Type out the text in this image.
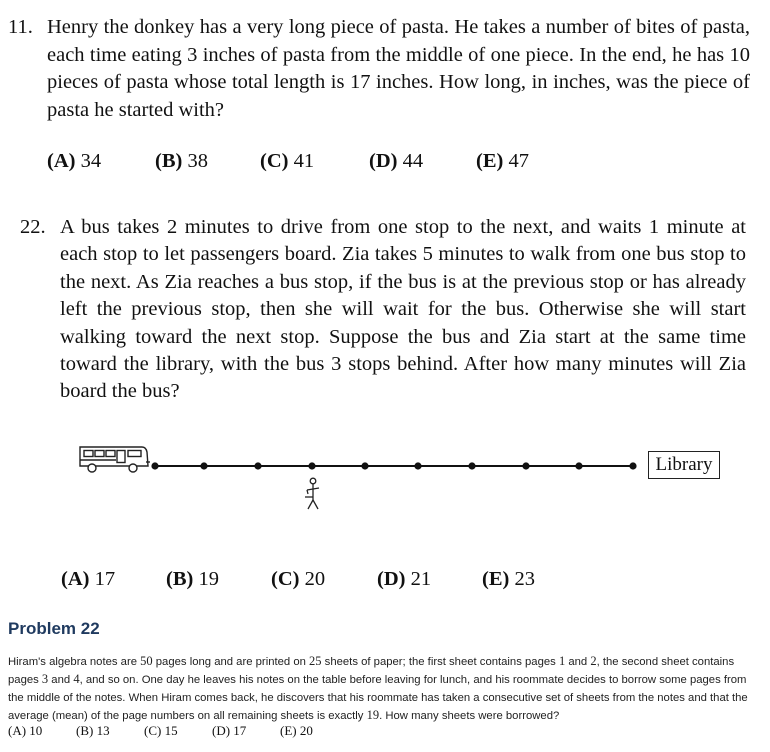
11. Henry the donkey has a very long piece of pasta. He takes a number of bites of pasta, each time eating 3 inches of pasta from the middle of one piece. In the end, he has 10 pieces of pasta whose total length is 17 inches. How long, in inches, was the piece of pasta he started with?
(A) 34	(B) 38	(C) 41	(D) 44	(E) 47
22. A bus takes 2 minutes to drive from one stop to the next, and waits 1 minute at each stop to let passengers board. Zia takes 5 minutes to walk from one bus stop to the next. As Zia reaches a bus stop, if the bus is at the previous stop or has already left the previous stop, then she will wait for the bus. Otherwise she will start walking toward the next stop. Suppose the bus and Zia start at the same time toward the library, with the bus 3 stops behind. After how many minutes will Zia board the bus?
Library
(A) 17 (B) 19	(C) 20	(D) 21 (E) 23
Problem 22
Hiram's algebra notes are 50 pages long and are printed on 25 sheets of paper; the first sheet contains pages 1 and 2, the second sheet contains pages 3 and 4, and so on. One day he leaves his notes on the table before leaving for lunch, and his roommate decides to borrow some pages from the middle of the notes. When Hiram comes back, he discovers that his roommate has taken a consecutive set of sheets from the notes and that the average (mean) of the page numbers on all remaining sheets is exactly 19. How many sheets were borrowed?
(A) 10	(B) 13	(C) 15	(D) 17	(E) 20
